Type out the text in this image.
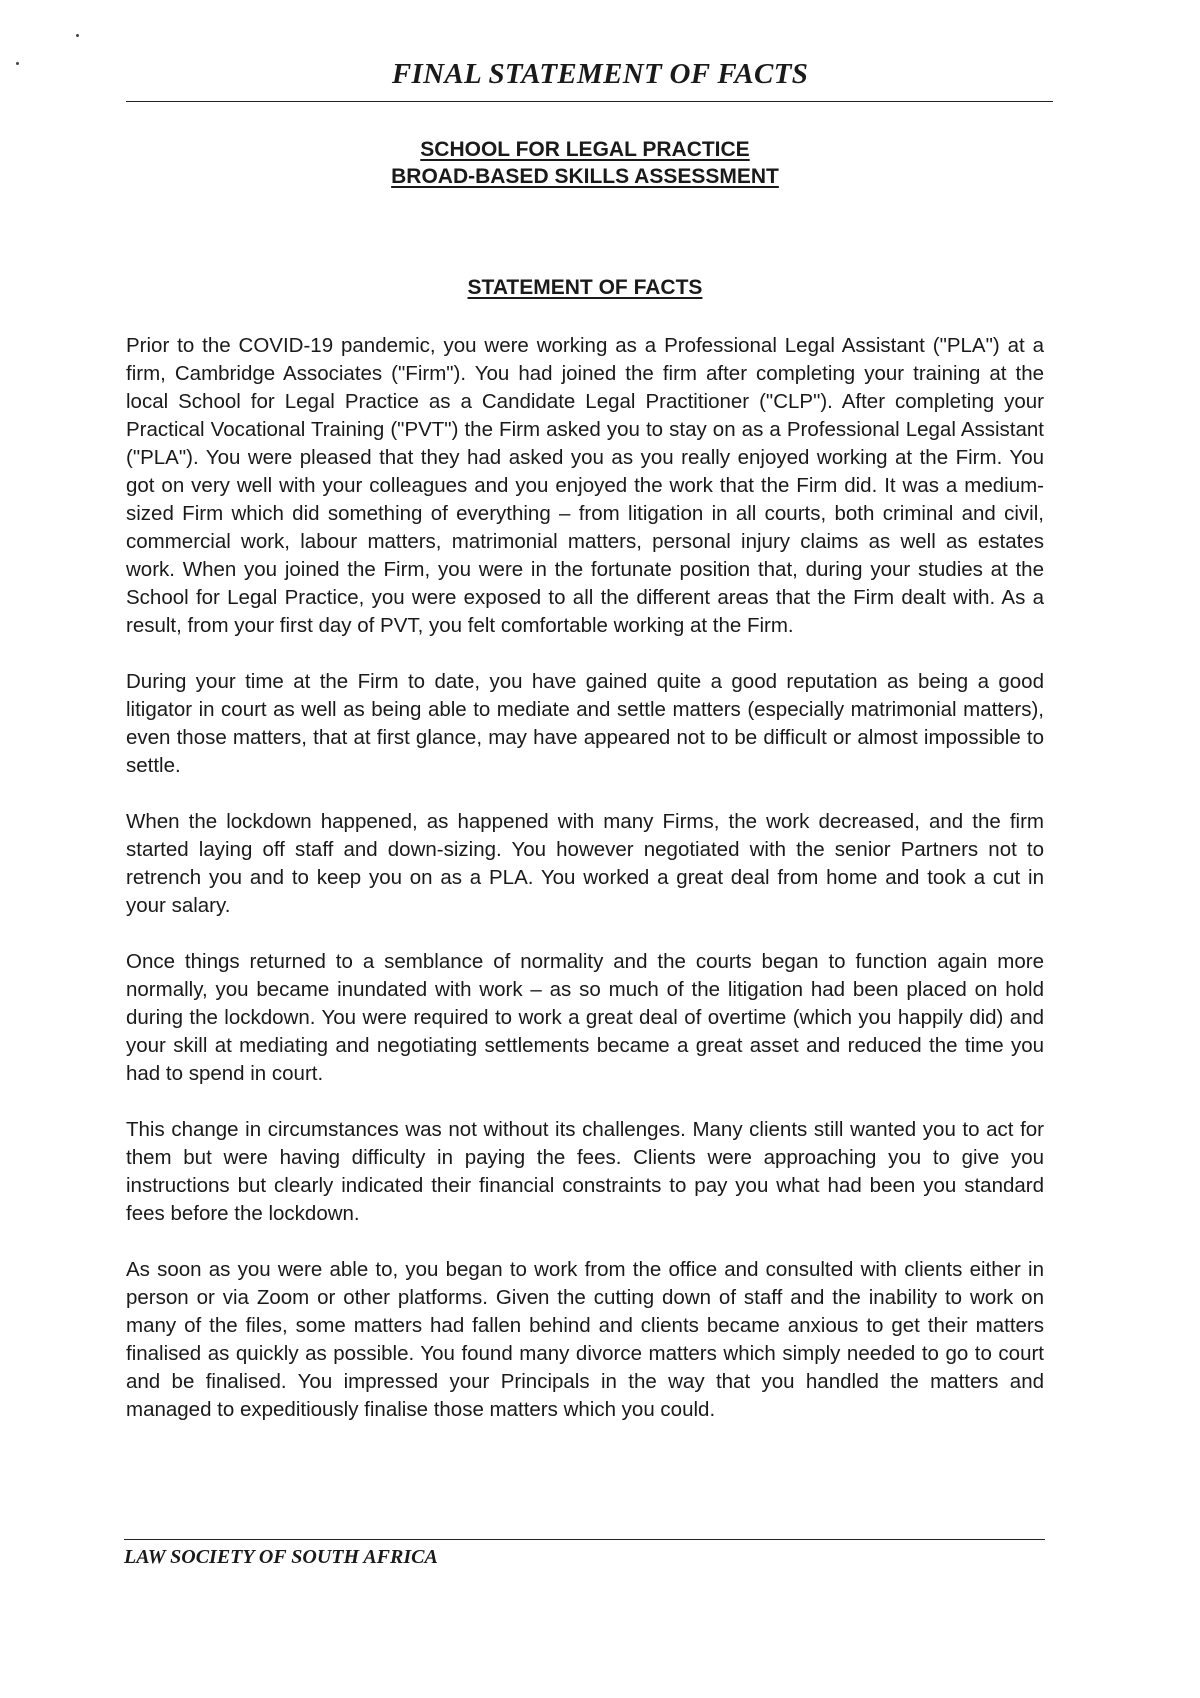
FINAL STATEMENT OF FACTS
SCHOOL FOR LEGAL PRACTICE
BROAD-BASED SKILLS ASSESSMENT
STATEMENT OF FACTS

Prior to the COVID-19 pandemic, you were working as a Professional Legal Assistant ("PLA") at a firm, Cambridge Associates ("Firm"). You had joined the firm after completing your training at the local School for Legal Practice as a Candidate Legal Practitioner ("CLP"). After completing your Practical Vocational Training ("PVT") the Firm asked you to stay on as a Professional Legal Assistant ("PLA"). You were pleased that they had asked you as you really enjoyed working at the Firm. You got on very well with your colleagues and you enjoyed the work that the Firm did. It was a medium-sized Firm which did something of everything – from litigation in all courts, both criminal and civil, commercial work, labour matters, matrimonial matters, personal injury claims as well as estates work. When you joined the Firm, you were in the fortunate position that, during your studies at the School for Legal Practice, you were exposed to all the different areas that the Firm dealt with. As a result, from your first day of PVT, you felt comfortable working at the Firm.

During your time at the Firm to date, you have gained quite a good reputation as being a good litigator in court as well as being able to mediate and settle matters (especially matrimonial matters), even those matters, that at first glance, may have appeared not to be difficult or almost impossible to settle.

When the lockdown happened, as happened with many Firms, the work decreased, and the firm started laying off staff and down-sizing. You however negotiated with the senior Partners not to retrench you and to keep you on as a PLA. You worked a great deal from home and took a cut in your salary.

Once things returned to a semblance of normality and the courts began to function again more normally, you became inundated with work – as so much of the litigation had been placed on hold during the lockdown. You were required to work a great deal of overtime (which you happily did) and your skill at mediating and negotiating settlements became a great asset and reduced the time you had to spend in court.

This change in circumstances was not without its challenges. Many clients still wanted you to act for them but were having difficulty in paying the fees. Clients were approaching you to give you instructions but clearly indicated their financial constraints to pay you what had been you standard fees before the lockdown.

As soon as you were able to, you began to work from the office and consulted with clients either in person or via Zoom or other platforms. Given the cutting down of staff and the inability to work on many of the files, some matters had fallen behind and clients became anxious to get their matters finalised as quickly as possible. You found many divorce matters which simply needed to go to court and be finalised. You impressed your Principals in the way that you handled the matters and managed to expeditiously finalise those matters which you could.

LAW SOCIETY OF SOUTH AFRICA
